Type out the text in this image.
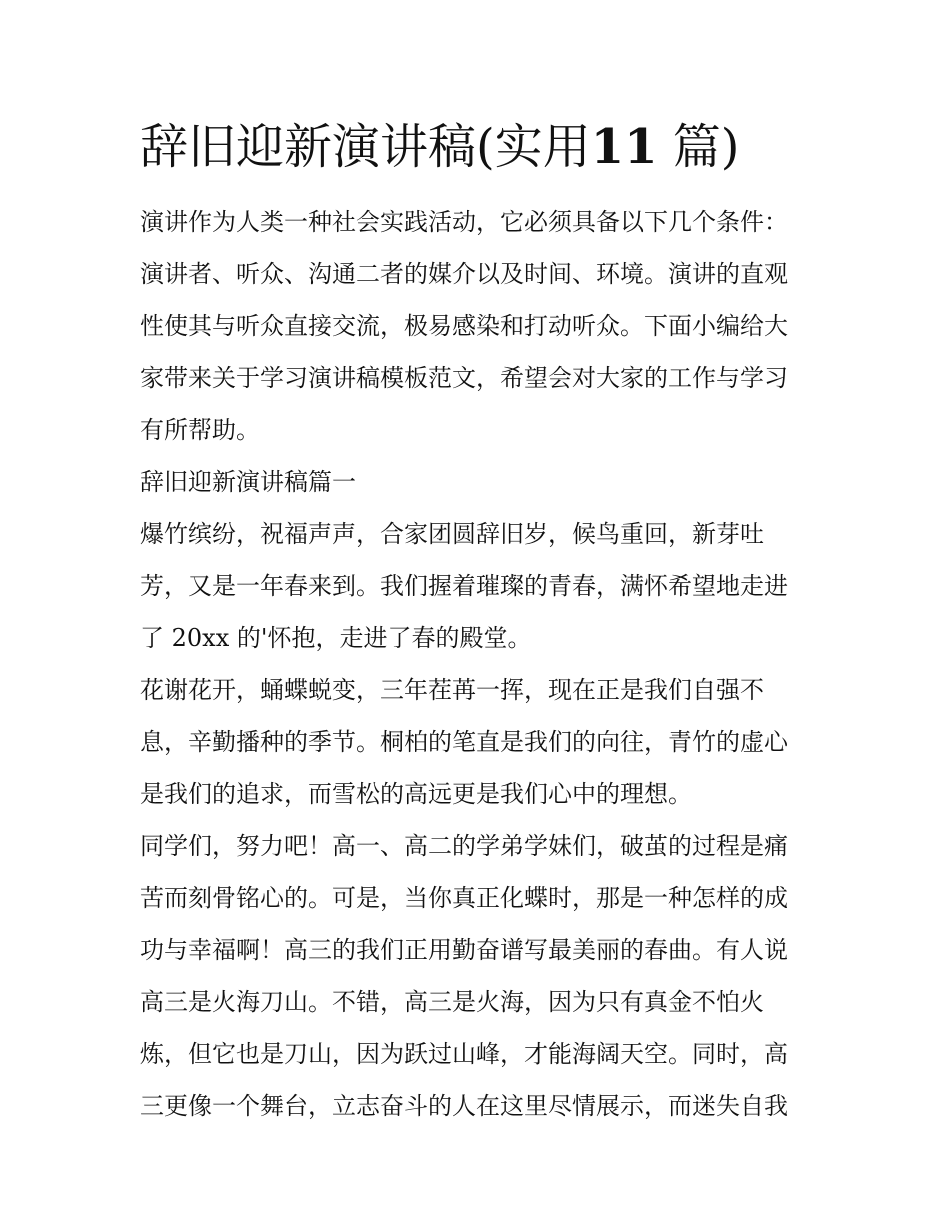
辞旧迎新演讲稿(实用11 篇)
演讲作为人类一种社会实践活动，它必须具备以下几个条件：
演讲者、听众、沟通二者的媒介以及时间、环境。演讲的直观
性使其与听众直接交流，极易感染和打动听众。下面小编给大
家带来关于学习演讲稿模板范文，希望会对大家的工作与学习
有所帮助。
辞旧迎新演讲稿篇一
爆竹缤纷，祝福声声，合家团圆辞旧岁，候鸟重回，新芽吐
芳，又是一年春来到。我们握着璀璨的青春，满怀希望地走进
了 20xx 的'怀抱，走进了春的殿堂。
花谢花开，蛹蝶蜕变，三年茬苒一挥，现在正是我们自强不
息，辛勤播种的季节。桐柏的笔直是我们的向往，青竹的虚心
是我们的追求，而雪松的高远更是我们心中的理想。
同学们，努力吧！高一、高二的学弟学妹们，破茧的过程是痛
苦而刻骨铭心的。可是，当你真正化蝶时，那是一种怎样的成
功与幸福啊！高三的我们正用勤奋谱写最美丽的春曲。有人说
高三是火海刀山。不错，高三是火海，因为只有真金不怕火
炼，但它也是刀山，因为跃过山峰，才能海阔天空。同时，高
三更像一个舞台，立志奋斗的人在这里尽情展示，而迷失自我
